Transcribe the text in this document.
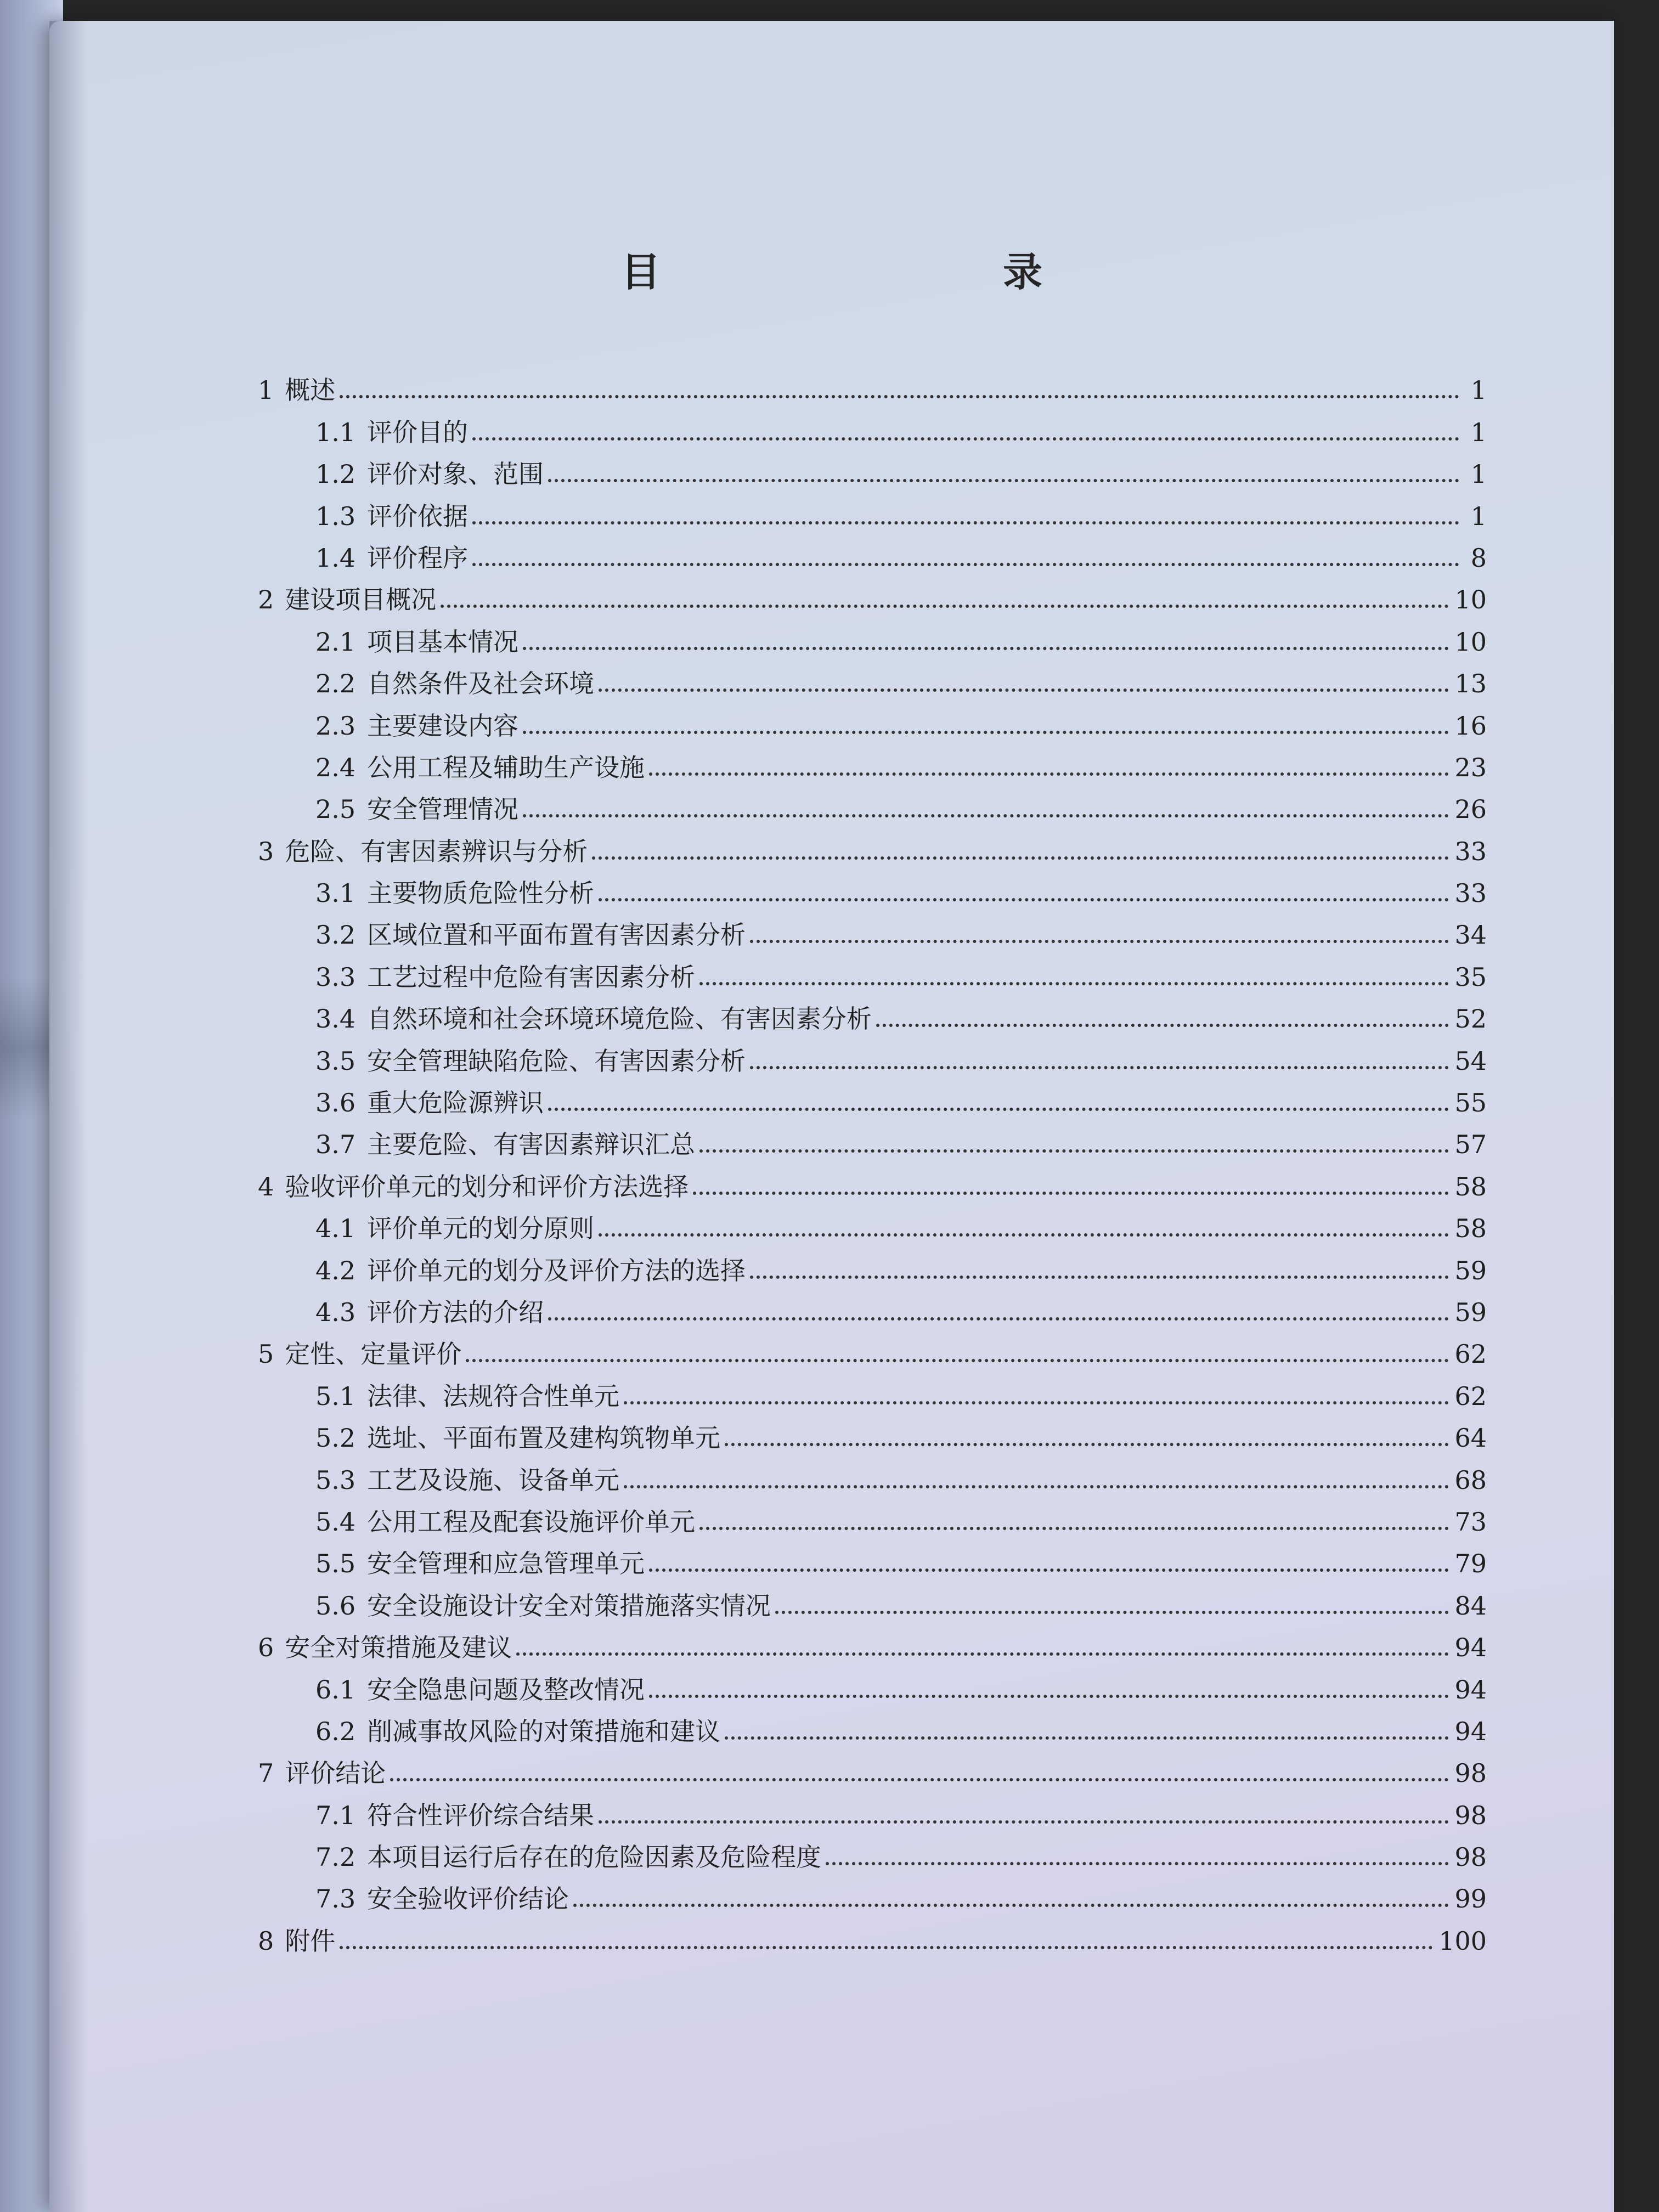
目　　录
1 概述	1
1.1 评价目的	1
1.2 评价对象、范围	1
1.3 评价依据	1
1.4 评价程序	8
2 建设项目概况	10
2.1 项目基本情况	10
2.2 自然条件及社会环境	13
2.3 主要建设内容	16
2.4 公用工程及辅助生产设施	23
2.5 安全管理情况	26
3 危险、有害因素辨识与分析	33
3.1 主要物质危险性分析	33
3.2 区域位置和平面布置有害因素分析	34
3.3 工艺过程中危险有害因素分析	35
3.4 自然环境和社会环境环境危险、有害因素分析	52
3.5 安全管理缺陷危险、有害因素分析	54
3.6 重大危险源辨识	55
3.7 主要危险、有害因素辩识汇总	57
4 验收评价单元的划分和评价方法选择	58
4.1 评价单元的划分原则	58
4.2 评价单元的划分及评价方法的选择	59
4.3 评价方法的介绍	59
5 定性、定量评价	62
5.1 法律、法规符合性单元	62
5.2 选址、平面布置及建构筑物单元	64
5.3 工艺及设施、设备单元	68
5.4 公用工程及配套设施评价单元	73
5.5 安全管理和应急管理单元	79
5.6 安全设施设计安全对策措施落实情况	84
6 安全对策措施及建议	94
6.1 安全隐患问题及整改情况	94
6.2 削减事故风险的对策措施和建议	94
7 评价结论	98
7.1 符合性评价综合结果	98
7.2 本项目运行后存在的危险因素及危险程度	98
7.3 安全验收评价结论	99
8 附件	100
